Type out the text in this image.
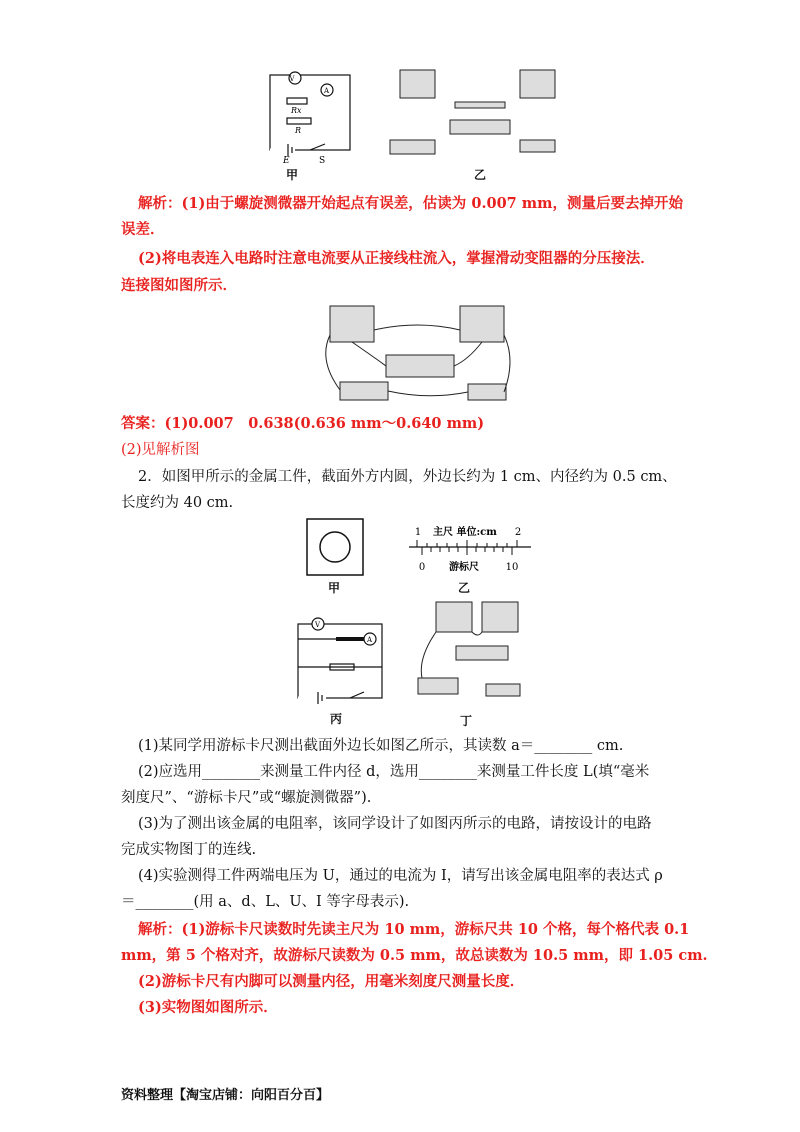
V
A
Rx
R
E	S
甲	乙
解析：(1)由于螺旋测微器开始起点有误差，估读为 0.007 mm，测量后要去掉开始
误差．
(2)将电表连入电路时注意电流要从正接线柱流入，掌握滑动变阻器的分压接法．
连接图如图所示．
答案：(1)0.007　0.638(0.636 mm～0.640 mm)
(2)见解析图
2．如图甲所示的金属工件，截面外方内圆，外边长约为 1 cm、内径约为 0.5 cm、
长度约为 40 cm.
甲
1	2
主尺 单位:cm
0	10
游标尺
乙
V
A
丙	丁
(1)某同学用游标卡尺测出截面外边长如图乙所示，其读数 a＝________ cm.
(2)应选用________来测量工件内径 d，选用________来测量工件长度 L(填“毫米
刻度尺”、“游标卡尺”或“螺旋测微器”).
(3)为了测出该金属的电阻率，该同学设计了如图丙所示的电路，请按设计的电路
完成实物图丁的连线.
(4)实验测得工件两端电压为 U，通过的电流为 I，请写出该金属电阻率的表达式 ρ
＝________(用 a、d、L、U、I 等字母表示).
解析：(1)游标卡尺读数时先读主尺为 10 mm，游标尺共 10 个格，每个格代表 0.1
mm，第 5 个格对齐，故游标尺读数为 0.5 mm，故总读数为 10.5 mm，即 1.05 cm.
(2)游标卡尺有内脚可以测量内径，用毫米刻度尺测量长度．
(3)实物图如图所示．
资料整理【淘宝店铺：向阳百分百】
